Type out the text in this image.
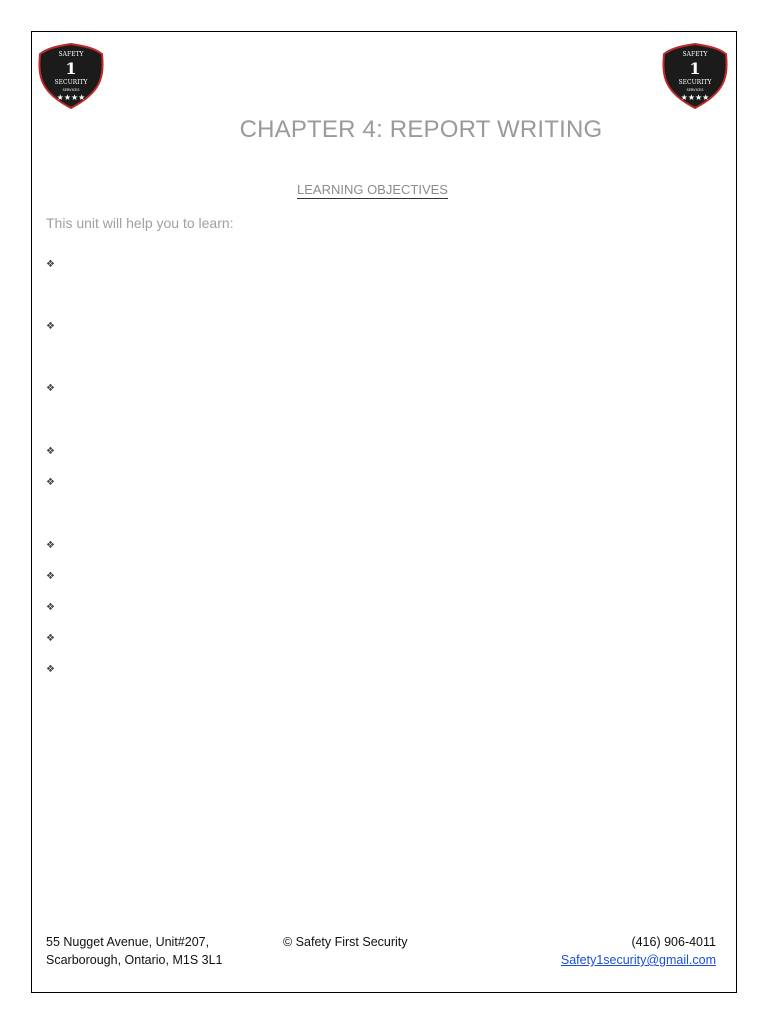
SAFETY
1
SECURITY
SERVICES
★★★★
SAFETY
1
SECURITY
SERVICES
★★★★
CHAPTER 4: REPORT WRITING
LEARNING OBJECTIVES
This unit will help you to learn:
❖
❖
❖
❖
❖
❖
❖
❖
❖
❖
55 Nugget Avenue, Unit#207,
Scarborough, Ontario, M1S 3L1
© Safety First Security	(416) 906-4011
Safety1security@gmail.com
